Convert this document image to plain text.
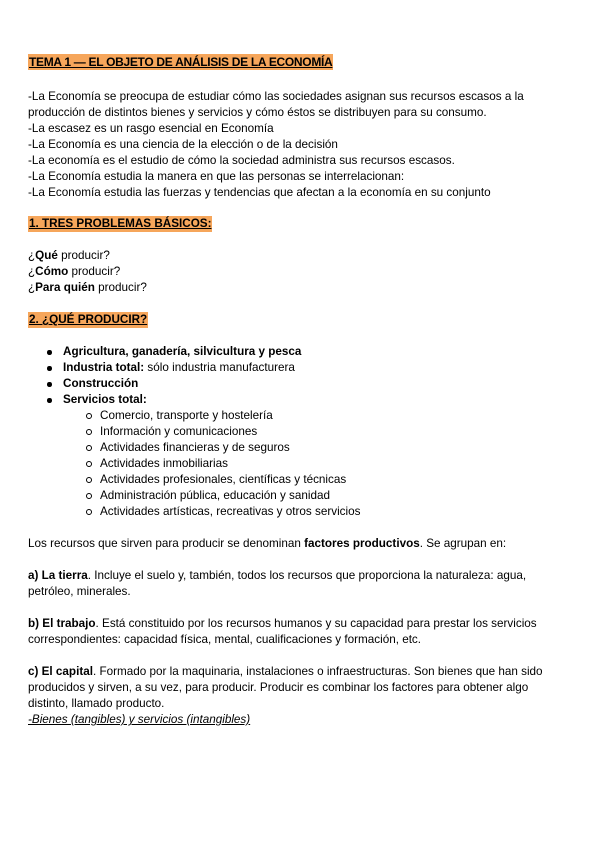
TEMA 1 — EL OBJETO DE ANÁLISIS DE LA ECONOMÍA
-La Economía se preocupa de estudiar cómo las sociedades asignan sus recursos escasos a la
producción de distintos bienes y servicios y cómo éstos se distribuyen para su consumo.
-La escasez es un rasgo esencial en Economía
-La Economía es una ciencia de la elección o de la decisión
-La economía es el estudio de cómo la sociedad administra sus recursos escasos.
-La Economía estudia la manera en que las personas se interrelacionan:
-La Economía estudia las fuerzas y tendencias que afectan a la economía en su conjunto
1. TRES PROBLEMAS BÁSICOS:
¿Qué producir?
¿Cómo producir?
¿Para quién producir?
2. ¿QUÉ PRODUCIR?
Agricultura, ganadería, silvicultura y pesca
Industria total: sólo industria manufacturera
Construcción
Servicios total:
Comercio, transporte y hostelería
Información y comunicaciones
Actividades financieras y de seguros
Actividades inmobiliarias
Actividades profesionales, científicas y técnicas
Administración pública, educación y sanidad
Actividades artísticas, recreativas y otros servicios
Los recursos que sirven para producir se denominan factores productivos. Se agrupan en:
a) La tierra. Incluye el suelo y, también, todos los recursos que proporciona la naturaleza: agua,
petróleo, minerales.
b) El trabajo. Está constituido por los recursos humanos y su capacidad para prestar los servicios
correspondientes: capacidad física, mental, cualificaciones y formación, etc.
c) El capital. Formado por la maquinaria, instalaciones o infraestructuras. Son bienes que han sido
producidos y sirven, a su vez, para producir. Producir es combinar los factores para obtener algo
distinto, llamado producto.
-Bienes (tangibles) y servicios (intangibles)
